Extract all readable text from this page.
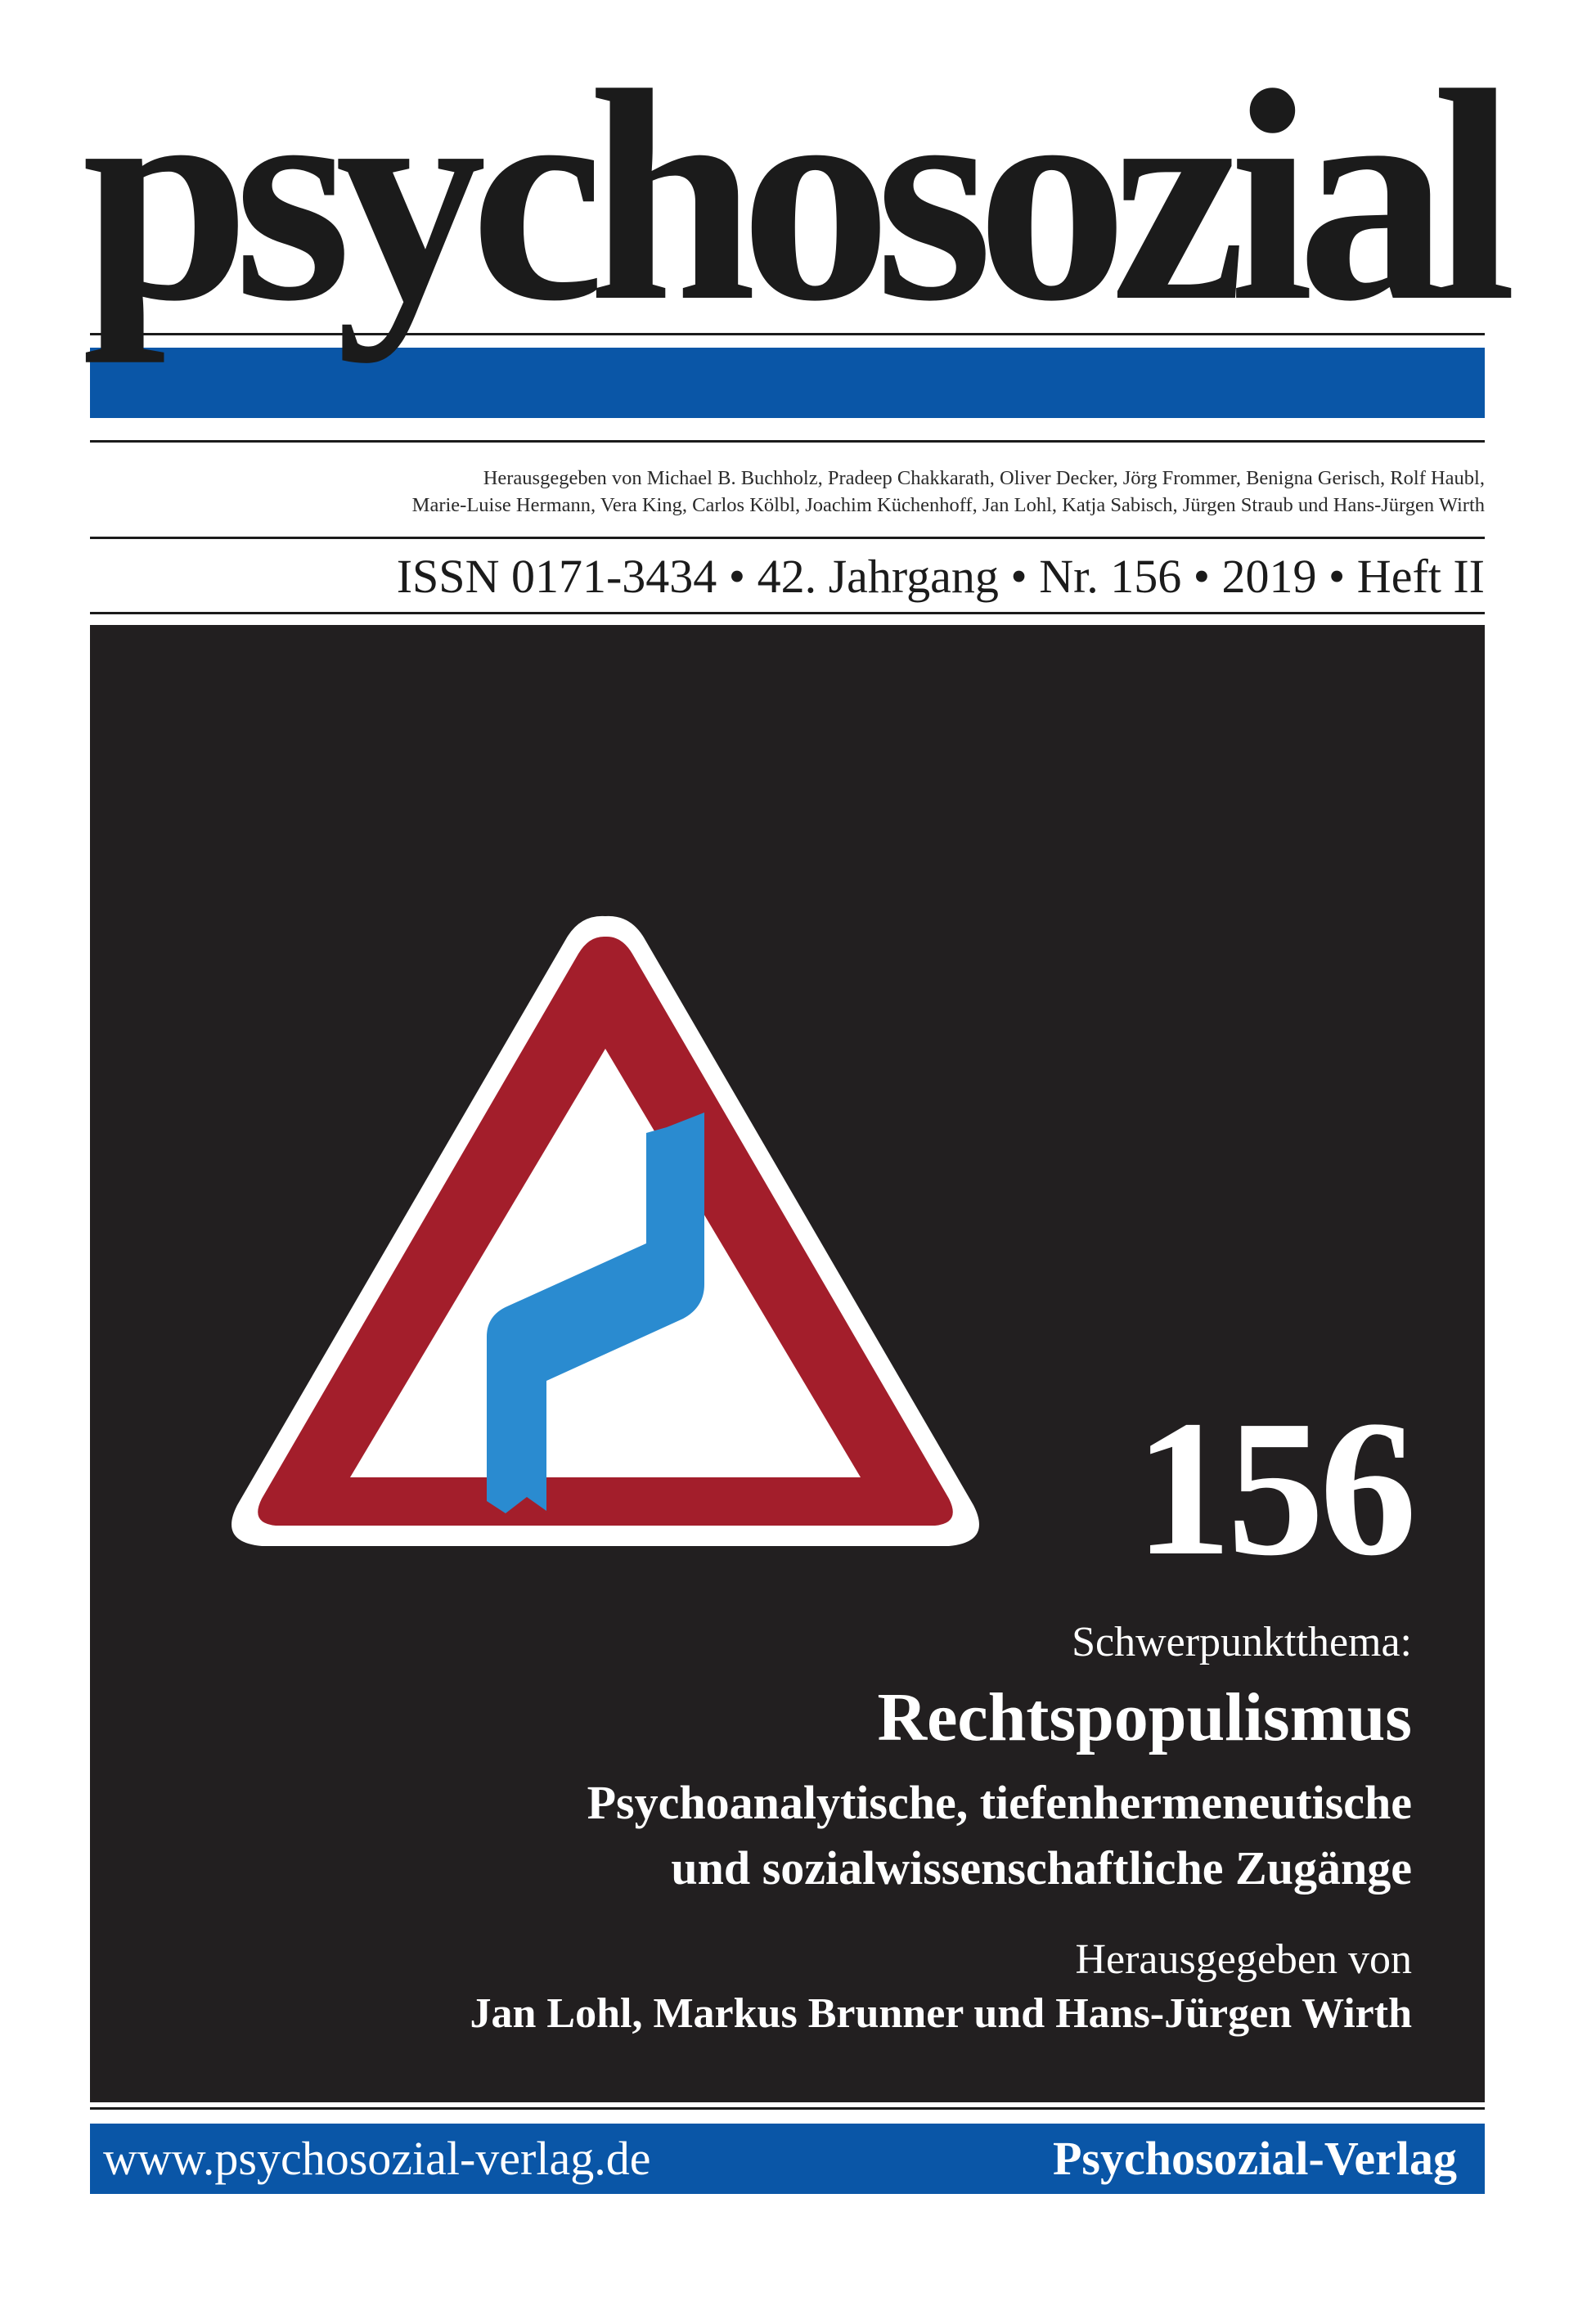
psychosozial
Herausgegeben von Michael B. Buchholz, Pradeep Chakkarath, Oliver Decker, Jörg Frommer, Benigna Gerisch, Rolf Haubl,
Marie-Luise Hermann, Vera King, Carlos Kölbl, Joachim Küchenhoff, Jan Lohl, Katja Sabisch, Jürgen Straub und Hans-Jürgen Wirth
ISSN 0171-3434 • 42. Jahrgang • Nr. 156 • 2019 • Heft II
156
Schwerpunktthema:
Rechtspopulismus
Psychoanalytische, tiefenhermeneutische
und sozialwissenschaftliche Zugänge
Herausgegeben von
Jan Lohl, Markus Brunner und Hans-Jürgen Wirth
www.psychosozial-verlag.de	Psychosozial-Verlag
